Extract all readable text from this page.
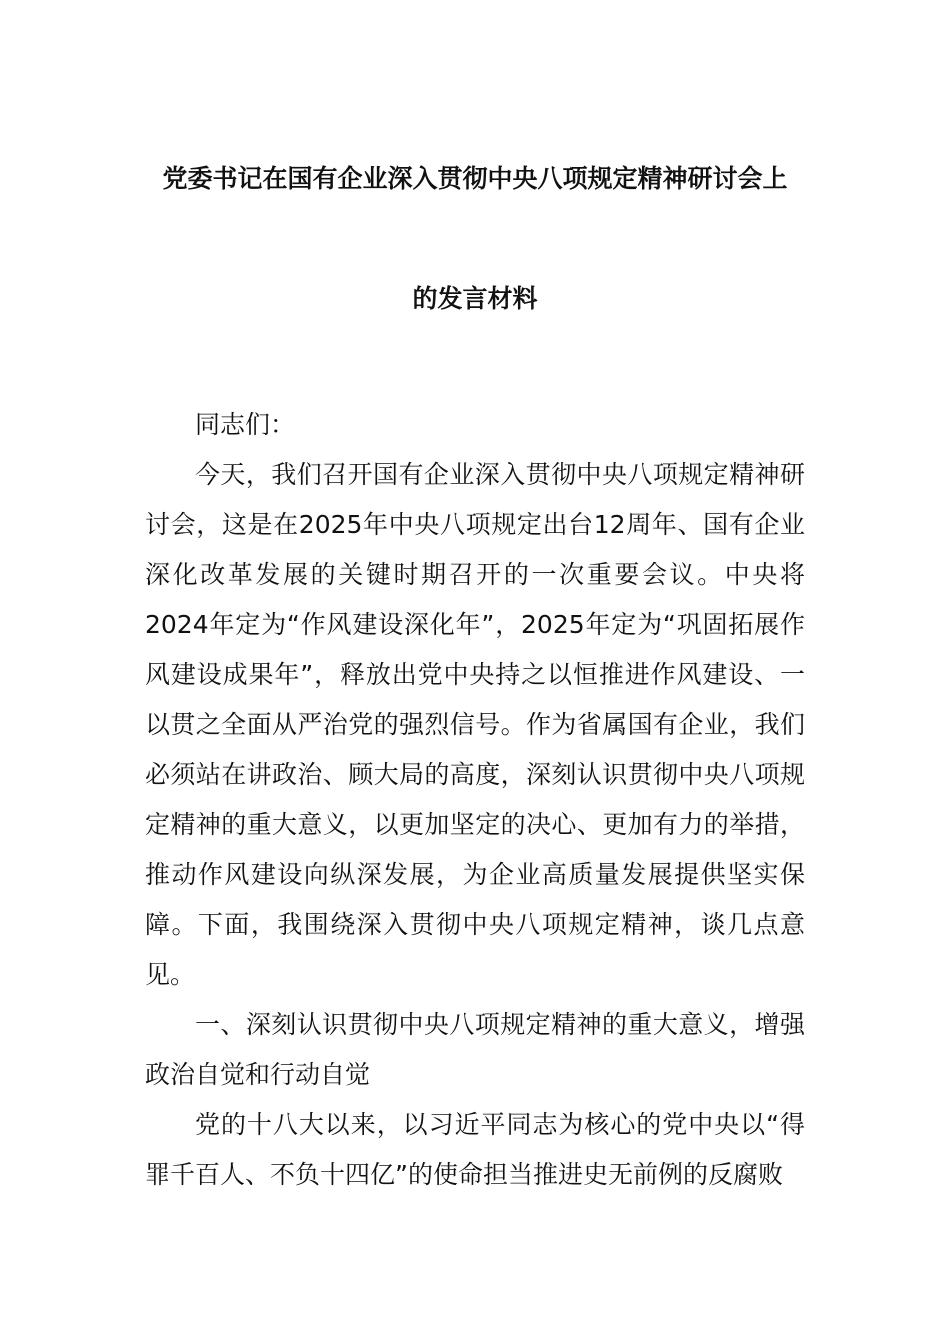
党委书记在国有企业深入贯彻中央八项规定精神研讨会上
的发言材料

同志们：

今天，我们召开国有企业深入贯彻中央八项规定精神研讨会，这是在2025年中央八项规定出台12周年、国有企业深化改革发展的关键时期召开的一次重要会议。中央将2024年定为“作风建设深化年”，2025年定为“巩固拓展作风建设成果年”，释放出党中央持之以恒推进作风建设、一以贯之全面从严治党的强烈信号。作为省属国有企业，我们必须站在讲政治、顾大局的高度，深刻认识贯彻中央八项规定精神的重大意义，以更加坚定的决心、更加有力的举措，推动作风建设向纵深发展，为企业高质量发展提供坚实保障。下面，我围绕深入贯彻中央八项规定精神，谈几点意见。

一、深刻认识贯彻中央八项规定精神的重大意义，增强政治自觉和行动自觉

党的十八大以来，以习近平同志为核心的党中央以“得罪千百人、不负十四亿”的使命担当推进史无前例的反腐败
